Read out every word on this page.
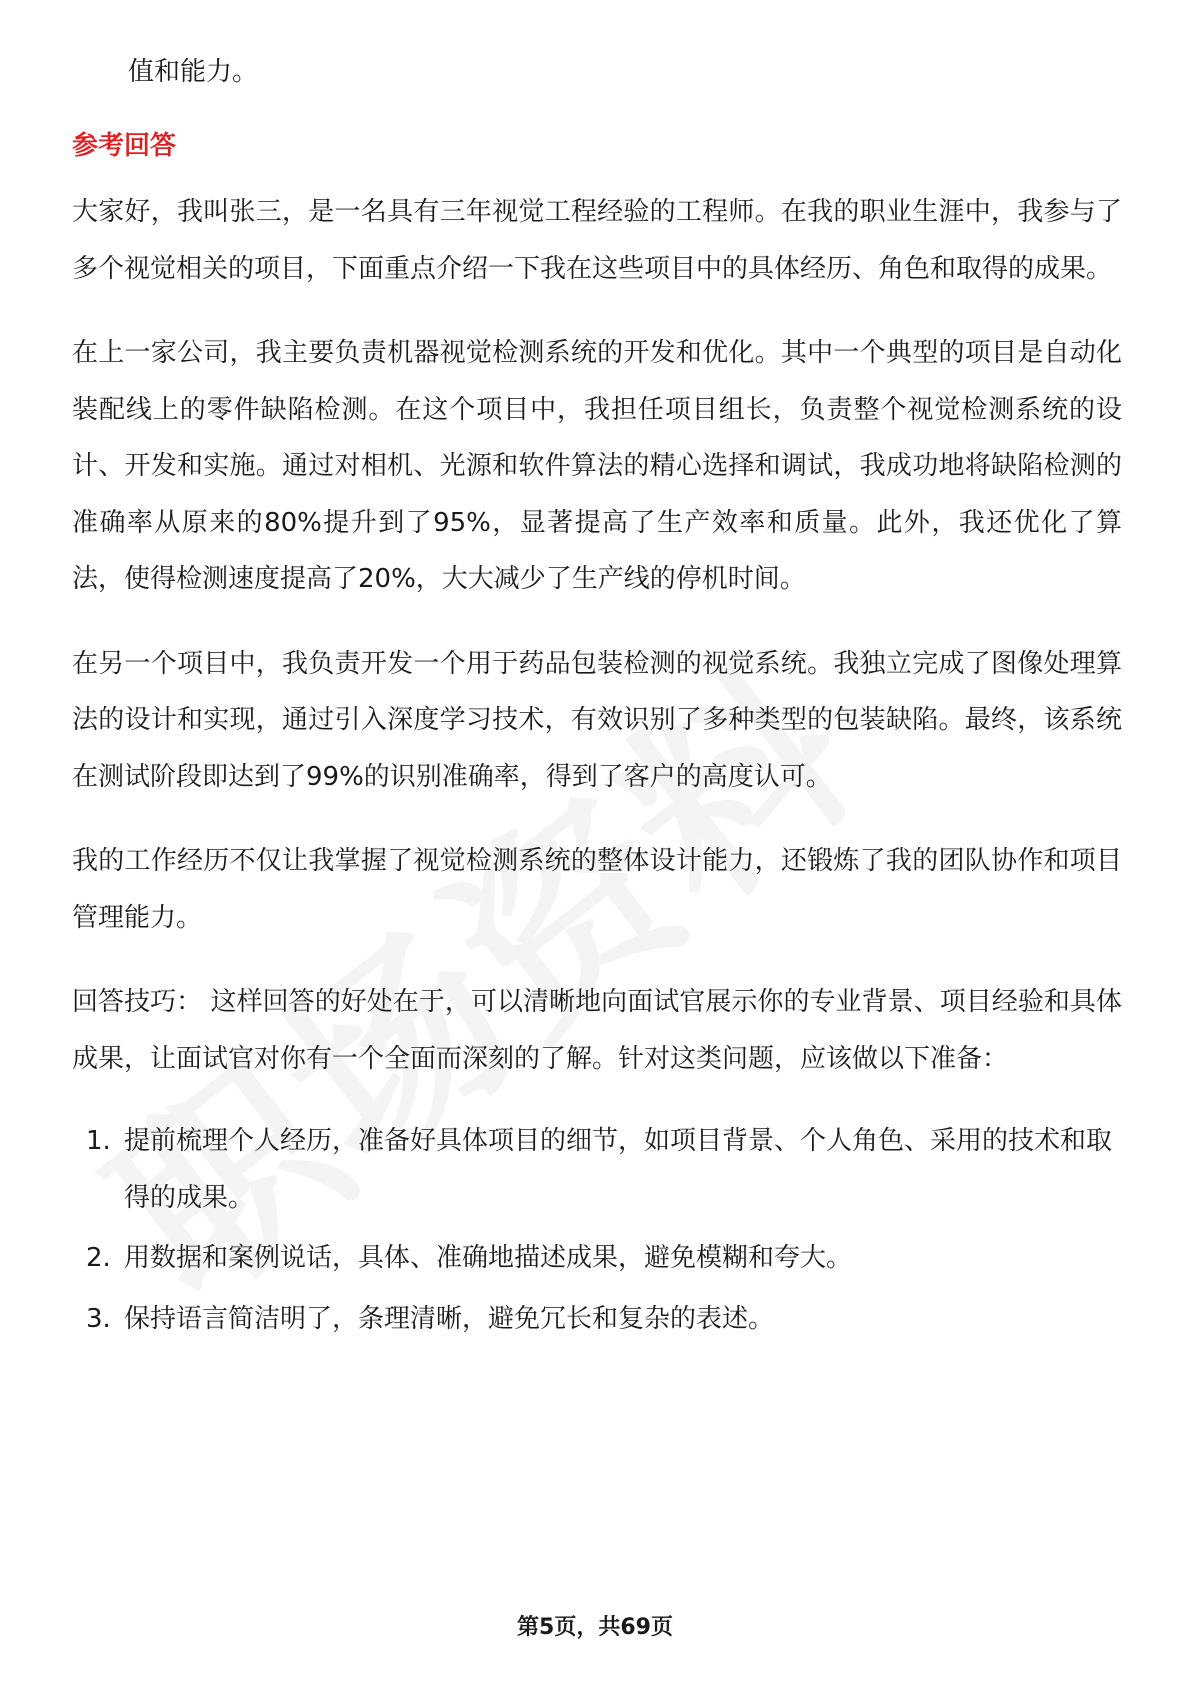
值和能力。

参考回答

大家好，我叫张三，是一名具有三年视觉工程经验的工程师。在我的职业生涯中，我参与了多个视觉相关的项目，下面重点介绍一下我在这些项目中的具体经历、角色和取得的成果。

在上一家公司，我主要负责机器视觉检测系统的开发和优化。其中一个典型的项目是自动化装配线上的零件缺陷检测。在这个项目中，我担任项目组长，负责整个视觉检测系统的设计、开发和实施。通过对相机、光源和软件算法的精心选择和调试，我成功地将缺陷检测的准确率从原来的80%提升到了95%，显著提高了生产效率和质量。此外，我还优化了算法，使得检测速度提高了20%，大大减少了生产线的停机时间。

在另一个项目中，我负责开发一个用于药品包装检测的视觉系统。我独立完成了图像处理算法的设计和实现，通过引入深度学习技术，有效识别了多种类型的包装缺陷。最终，该系统在测试阶段即达到了99%的识别准确率，得到了客户的高度认可。

我的工作经历不仅让我掌握了视觉检测系统的整体设计能力，还锻炼了我的团队协作和项目管理能力。

回答技巧： 这样回答的好处在于，可以清晰地向面试官展示你的专业背景、项目经验和具体成果，让面试官对你有一个全面而深刻的了解。针对这类问题，应该做以下准备：

1. 提前梳理个人经历，准备好具体项目的细节，如项目背景、个人角色、采用的技术和取得的成果。
2. 用数据和案例说话，具体、准确地描述成果，避免模糊和夸大。
3. 保持语言简洁明了，条理清晰，避免冗长和复杂的表述。
第5页，共69页
